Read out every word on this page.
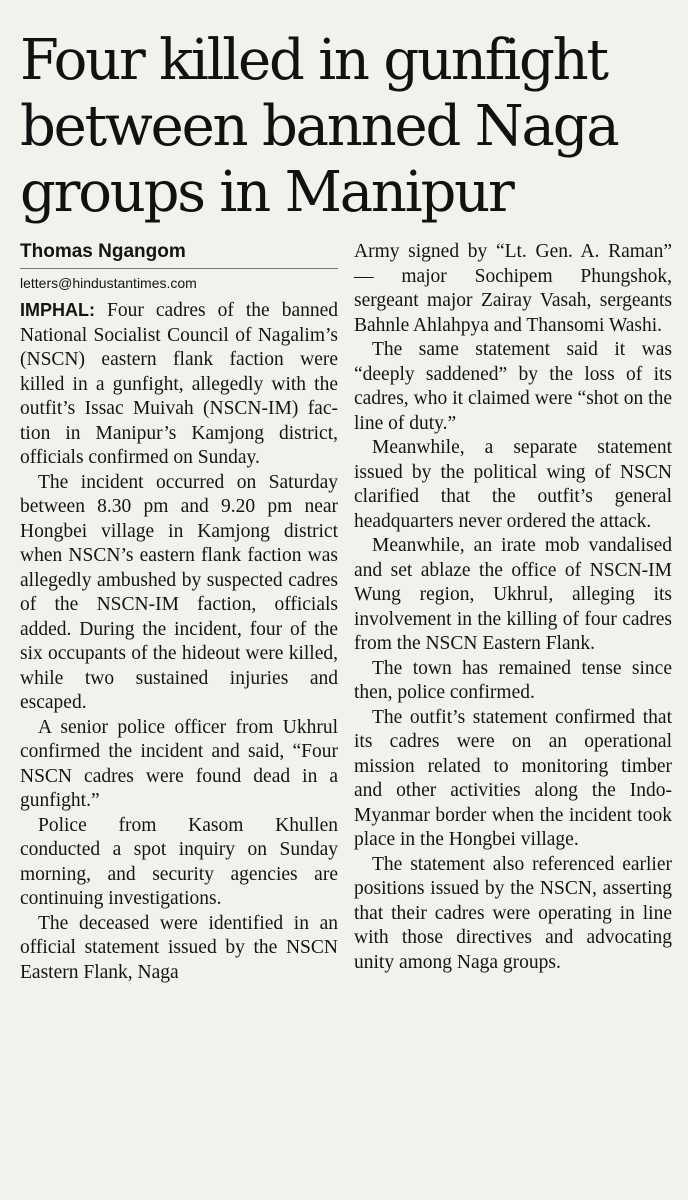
Four killed in gunfight between banned Naga groups in Manipur
Thomas Ngangom
letters@hindustantimes.com

IMPHAL: Four cadres of the banned National Socialist Council of Nagalim’s (NSCN) eastern flank faction were killed in a gunfight, allegedly with the outfit’s Issac Muivah (NSCN-IM) faction in Manipur’s Kamjong district, officials confirmed on Sunday.

The incident occurred on Saturday between 8.30 pm and 9.20 pm near Hongbei village in Kamjong district when NSCN’s eastern flank faction was allegedly ambushed by suspected cadres of the NSCN-IM faction, officials added. During the incident, four of the six occupants of the hideout were killed, while two sustained injuries and escaped.

A senior police officer from Ukhrul confirmed the incident and said, “Four NSCN cadres were found dead in a gunfight.”

Police from Kasom Khullen conducted a spot inquiry on Sunday morning, and security agencies are continuing investigations.

The deceased were identified in an official statement issued by the NSCN Eastern Flank, Naga

Army signed by “Lt. Gen. A. Raman” — major Sochipem Phungshok, sergeant major Zairay Vasah, sergeants Bahnle Ahlahpya and Thansomi Washi.

The same statement said it was “deeply saddened” by the loss of its cadres, who it claimed were “shot on the line of duty.”

Meanwhile, a separate statement issued by the political wing of NSCN clarified that the outfit’s general headquarters never ordered the attack.

Meanwhile, an irate mob vandalised and set ablaze the office of NSCN-IM Wung region, Ukhrul, alleging its involvement in the killing of four cadres from the NSCN Eastern Flank.

The town has remained tense since then, police confirmed.

The outfit’s statement confirmed that its cadres were on an operational mission related to monitoring timber and other activities along the Indo-Myanmar border when the incident took place in the Hongbei village.

The statement also referenced earlier positions issued by the NSCN, asserting that their cadres were operating in line with those directives and advocating unity among Naga groups.
